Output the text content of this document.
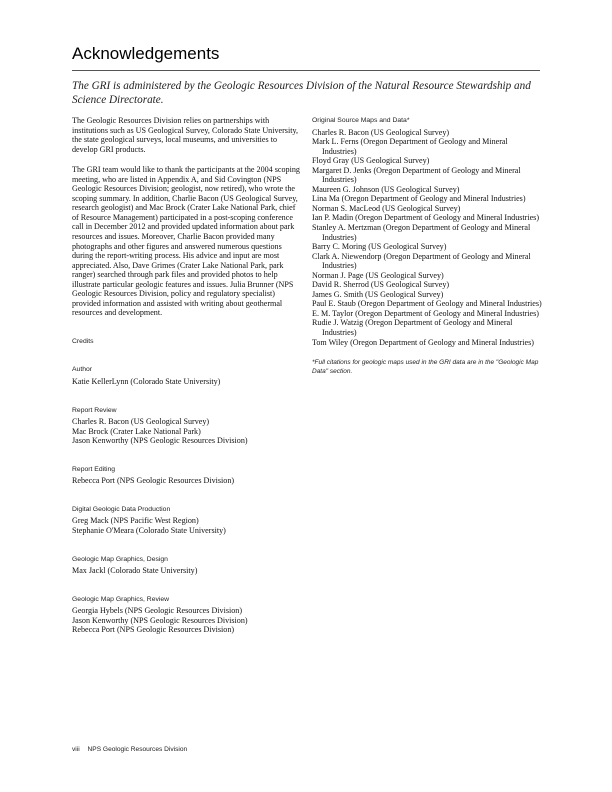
Acknowledgements

The GRI is administered by the Geologic Resources Division of the Natural Resource Stewardship and Science Directorate.

The Geologic Resources Division relies on partnerships with institutions such as US Geological Survey, Colorado State University, the state geological surveys, local museums, and universities to develop GRI products.

The GRI team would like to thank the participants at the 2004 scoping meeting, who are listed in Appendix A, and Sid Covington (NPS Geologic Resources Division; geologist, now retired), who wrote the scoping summary. In addition, Charlie Bacon (US Geological Survey, research geologist) and Mac Brock (Crater Lake National Park, chief of Resource Management) participated in a post-scoping conference call in December 2012 and provided updated information about park resources and issues. Moreover, Charlie Bacon provided many photographs and other figures and answered numerous questions during the report-writing process. His advice and input are most appreciated. Also, Dave Grimes (Crater Lake National Park, park ranger) searched through park files and provided photos to help illustrate particular geologic features and issues. Julia Brunner (NPS Geologic Resources Division, policy and regulatory specialist) provided information and assisted with writing about geothermal resources and development.

Credits

Author

Katie KellerLynn (Colorado State University)

Report Review

Charles R. Bacon (US Geological Survey)

Mac Brock (Crater Lake National Park)

Jason Kenworthy (NPS Geologic Resources Division)

Report Editing

Rebecca Port (NPS Geologic Resources Division)

Digital Geologic Data Production

Greg Mack (NPS Pacific West Region)

Stephanie O'Meara (Colorado State University)

Geologic Map Graphics, Design

Max Jackl (Colorado State University)

Geologic Map Graphics, Review

Georgia Hybels (NPS Geologic Resources Division)

Jason Kenworthy (NPS Geologic Resources Division)

Rebecca Port (NPS Geologic Resources Division)

Original Source Maps and Data*

Charles R. Bacon (US Geological Survey)

Mark L. Ferns (Oregon Department of Geology and Mineral Industries)

Floyd Gray (US Geological Survey)

Margaret D. Jenks (Oregon Department of Geology and Mineral Industries)

Maureen G. Johnson (US Geological Survey)

Lina Ma (Oregon Department of Geology and Mineral Industries)

Norman S. MacLeod (US Geological Survey)

Ian P. Madin (Oregon Department of Geology and Mineral Industries)

Stanley A. Mertzman (Oregon Department of Geology and Mineral Industries)

Barry C. Moring (US Geological Survey)

Clark A. Niewendorp (Oregon Department of Geology and Mineral Industries)

Norman J. Page (US Geological Survey)

David R. Sherrod (US Geological Survey)

James G. Smith (US Geological Survey)

Paul E. Staub (Oregon Department of Geology and Mineral Industries)

E. M. Taylor (Oregon Department of Geology and Mineral Industries)

Rudie J. Watzig (Oregon Department of Geology and Mineral Industries)

Tom Wiley (Oregon Department of Geology and Mineral Industries)

*Full citations for geologic maps used in the GRI data are in the "Geologic Map Data" section.

viii NPS Geologic Resources Division
